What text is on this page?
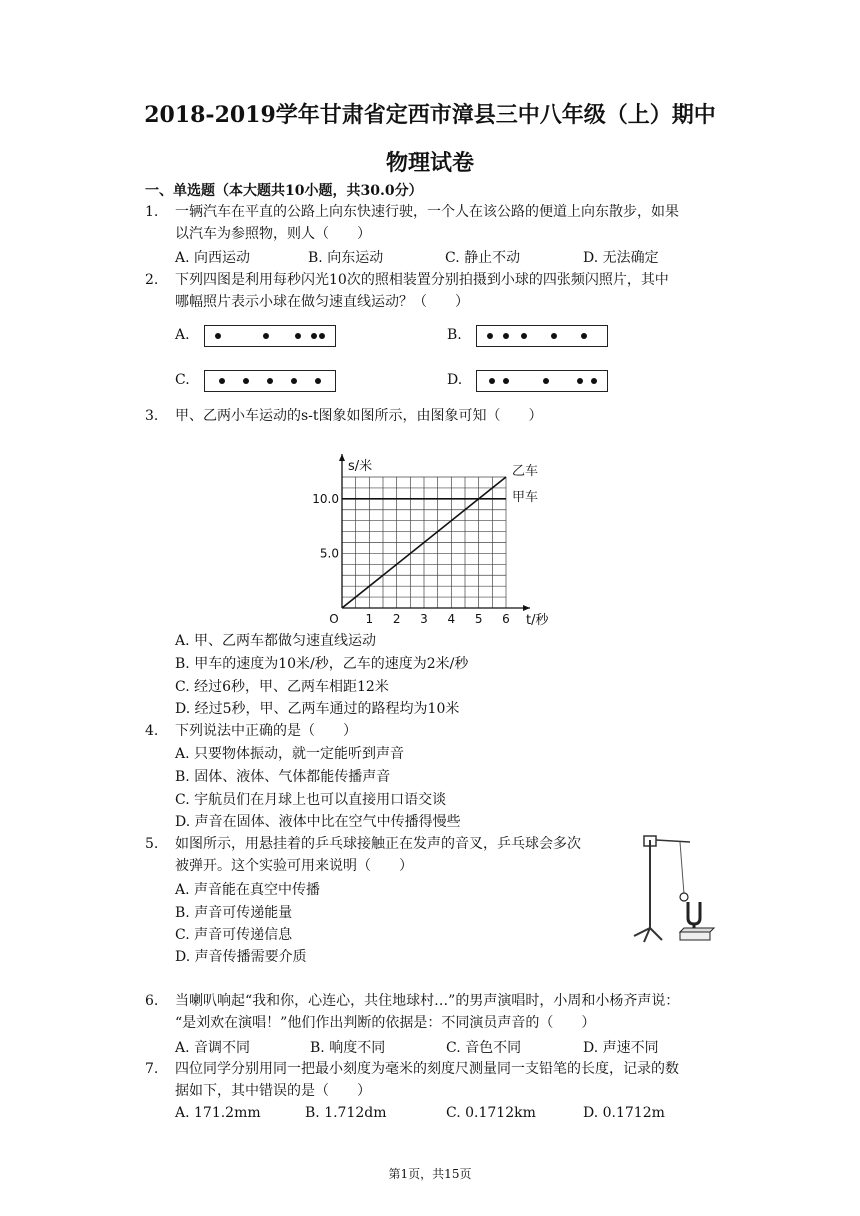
2018-2019学年甘肃省定西市漳县三中八年级（上）期中
物理试卷
一、单选题（本大题共10小题，共30.0分）
1.	一辆汽车在平直的公路上向东快速行驶，一个人在该公路的便道上向东散步，如果
以汽车为参照物，则人（　　）
A. 向西运动	B. 向东运动	C. 静止不动	D. 无法确定
2.	下列四图是利用每秒闪光10次的照相装置分别拍摄到小球的四张频闪照片，其中
哪幅照片表示小球在做匀速直线运动？（　　）
A.	B.
C.	D.
3.	甲、乙两小车运动的s-t图象如图所示，由图象可知（　　）
乙车
甲车
1 2 3 4 5 6
5.0
10.0
O
s/米
t/秒
A. 甲、乙两车都做匀速直线运动
B. 甲车的速度为10米/秒，乙车的速度为2米/秒
C. 经过6秒，甲、乙两车相距12米
D. 经过5秒，甲、乙两车通过的路程均为10米
4.	下列说法中正确的是（　　）
A. 只要物体振动，就一定能听到声音
B. 固体、液体、气体都能传播声音
C. 宇航员们在月球上也可以直接用口语交谈
D. 声音在固体、液体中比在空气中传播得慢些
5.	如图所示，用悬挂着的乒乓球接触正在发声的音叉，乒乓球会多次
被弹开。这个实验可用来说明（　　）
A. 声音能在真空中传播
B. 声音可传递能量
C. 声音可传递信息
D. 声音传播需要介质
6.	当喇叭响起“我和你，心连心，共住地球村…”的男声演唱时，小周和小杨齐声说：
“是刘欢在演唱！”他们作出判断的依据是：不同演员声音的（　　）
A. 音调不同	B. 响度不同	C. 音色不同	D. 声速不同
7.	四位同学分别用同一把最小刻度为毫米的刻度尺测量同一支铅笔的长度，记录的数
据如下，其中错误的是（　　）
A. 171.2mm	B. 1.712dm	C. 0.1712km	D. 0.1712m
第1页，共15页
